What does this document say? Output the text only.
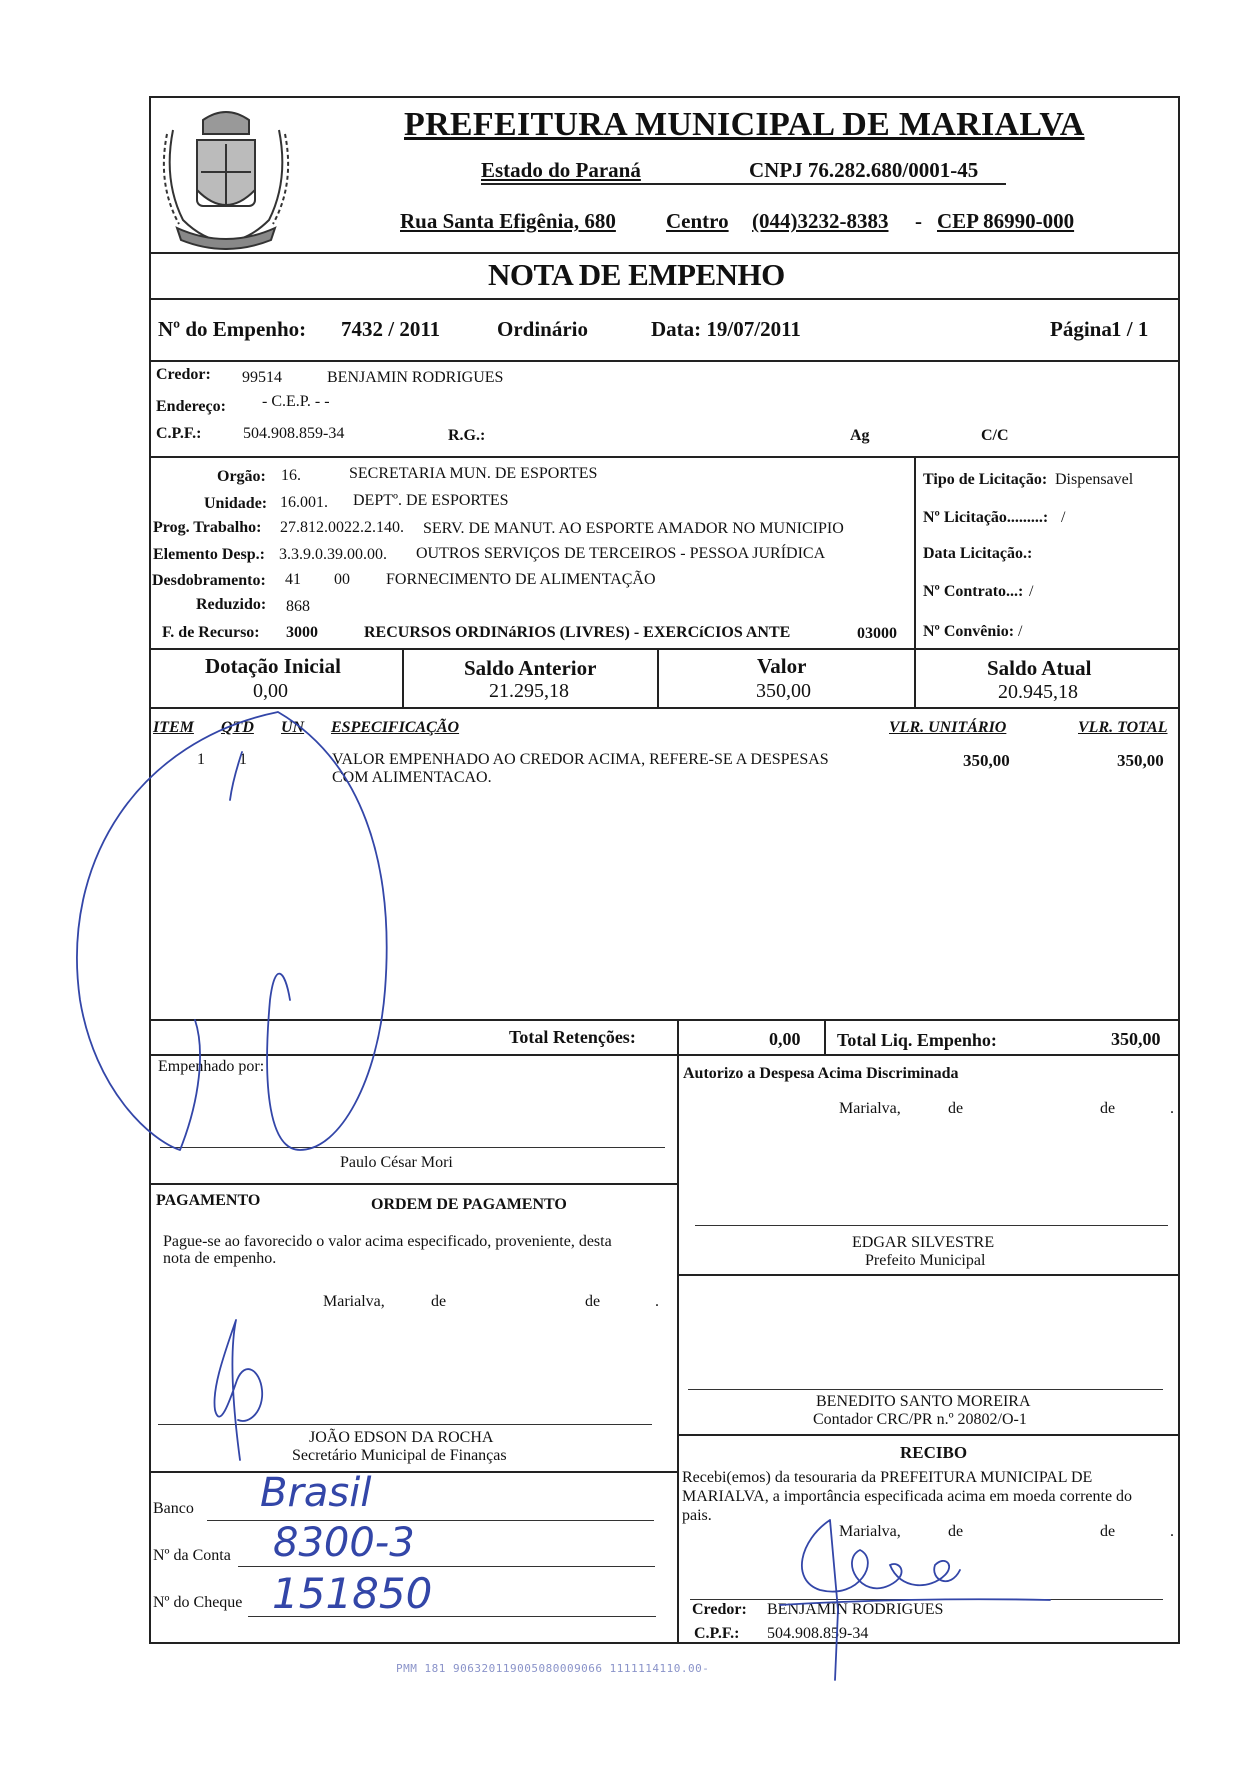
PREFEITURA MUNICIPAL DE MARIALVA
Estado do Paraná	CNPJ 76.282.680/0001-45
Rua Santa Efigênia, 680 Centro (044)3232-8383 - CEP 86990-000
NOTA DE EMPENHO
Nº do Empenho: 7432 / 2011	Ordinário	Data: 19/07/2011	Página 1 / 1
Credor: 99514	BENJAMIN RODRIGUES
Endereço: - C.E.P. - -
C.P.F.:	504.908.859-34	R.G.:	Ag	C/C
Orgão: 16.	SECRETARIA MUN. DE ESPORTES
Unidade: 16.001. DEPTº. DE ESPORTES
Prog. Trabalho: 27.812.0022.2.140. SERV. DE MANUT. AO ESPORTE AMADOR NO MUNICIPIO
Elemento Desp.: 3.3.9.0.39.00.00. OUTROS SERVIÇOS DE TERCEIROS - PESSOA JURÍDICA
Desdobramento: 41 00 FORNECIMENTO DE ALIMENTAÇÃO
Reduzido: 868
F. de Recurso: 3000	RECURSOS ORDINáRIOS (LIVRES) - EXERCíCIOS ANTE	03000
Tipo de Licitação: Dispensavel
Nº Licitação.........: /
Data Licitação.:
Nº Contrato...: /
Nº Convênio: /
Dotação Inicial
0,00
Saldo Anterior
21.295,18
Valor
350,00
Saldo Atual
20.945,18
ITEM QTD UN ESPECIFICAÇÃO	VLR. UNITÁRIO	VLR. TOTAL
1 1	VALOR EMPENHADO AO CREDOR ACIMA, REFERE-SE A DESPESAS
COM ALIMENTACAO.
350,00	350,00
Total Retenções:	0,00 Total Liq. Empenho:	350,00
Empenhado por:
Paulo César Mori
Autorizo a Despesa Acima Discriminada
Marialva,	de	de	.
EDGAR SILVESTRE
Prefeito Municipal
PAGAMENTO	ORDEM DE PAGAMENTO
Pague-se ao favorecido o valor acima especificado, proveniente, desta
nota de empenho.
Marialva,	de	de	.
JOÃO EDSON DA ROCHA
Secretário Municipal de Finanças
BENEDITO SANTO MOREIRA
Contador CRC/PR n.º 20802/O-1
Banco Brasil
Nº da Conta 8300-3
Nº do Cheque 151850
RECIBO
Recebi(emos) da tesouraria da PREFEITURA MUNICIPAL DE
MARIALVA, a importância especificada acima em moeda corrente do
pais.
Marialva,	de	de	.
Credor: BENJAMIN RODRIGUES
C.P.F.: 504.908.859-34
PMM 181 906320119005080009066 1111114110.00-
